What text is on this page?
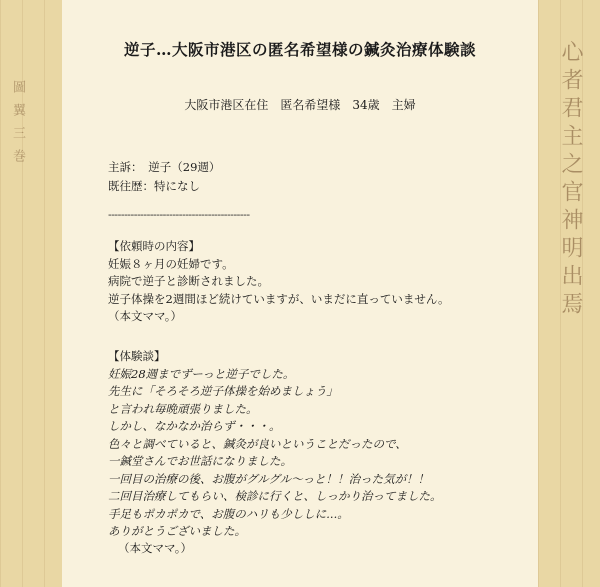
圖翼三巻	心者君主之官神明出焉
逆子…大阪市港区の匿名希望様の鍼灸治療体験談
大阪市港区在住　匿名希望様　34歳　主婦
主訴：　逆子（29週）
既往歴：特になし
--------------------------------------------
【依頼時の内容】
妊娠８ヶ月の妊婦です。
病院で逆子と診断されました。
逆子体操を2週間ほど続けていますが、いまだに直っていません。
（本文ママ。）
【体験談】
妊娠28週までずーっと逆子でした。
先生に「そろそろ逆子体操を始めましょう」
と言われ毎晩頑張りました。
しかし、なかなか治らず・・・。
色々と調べていると、鍼灸が良いということだったので、
一鍼堂さんでお世話になりました。
一回目の治療の後、お腹がグルグル～っと！！治った気が！！
二回目治療してもらい、検診に行くと、しっかり治ってました。
手足もポカポカで、お腹のハリも少ししに...。
ありがとうございました。
（本文ママ。）
